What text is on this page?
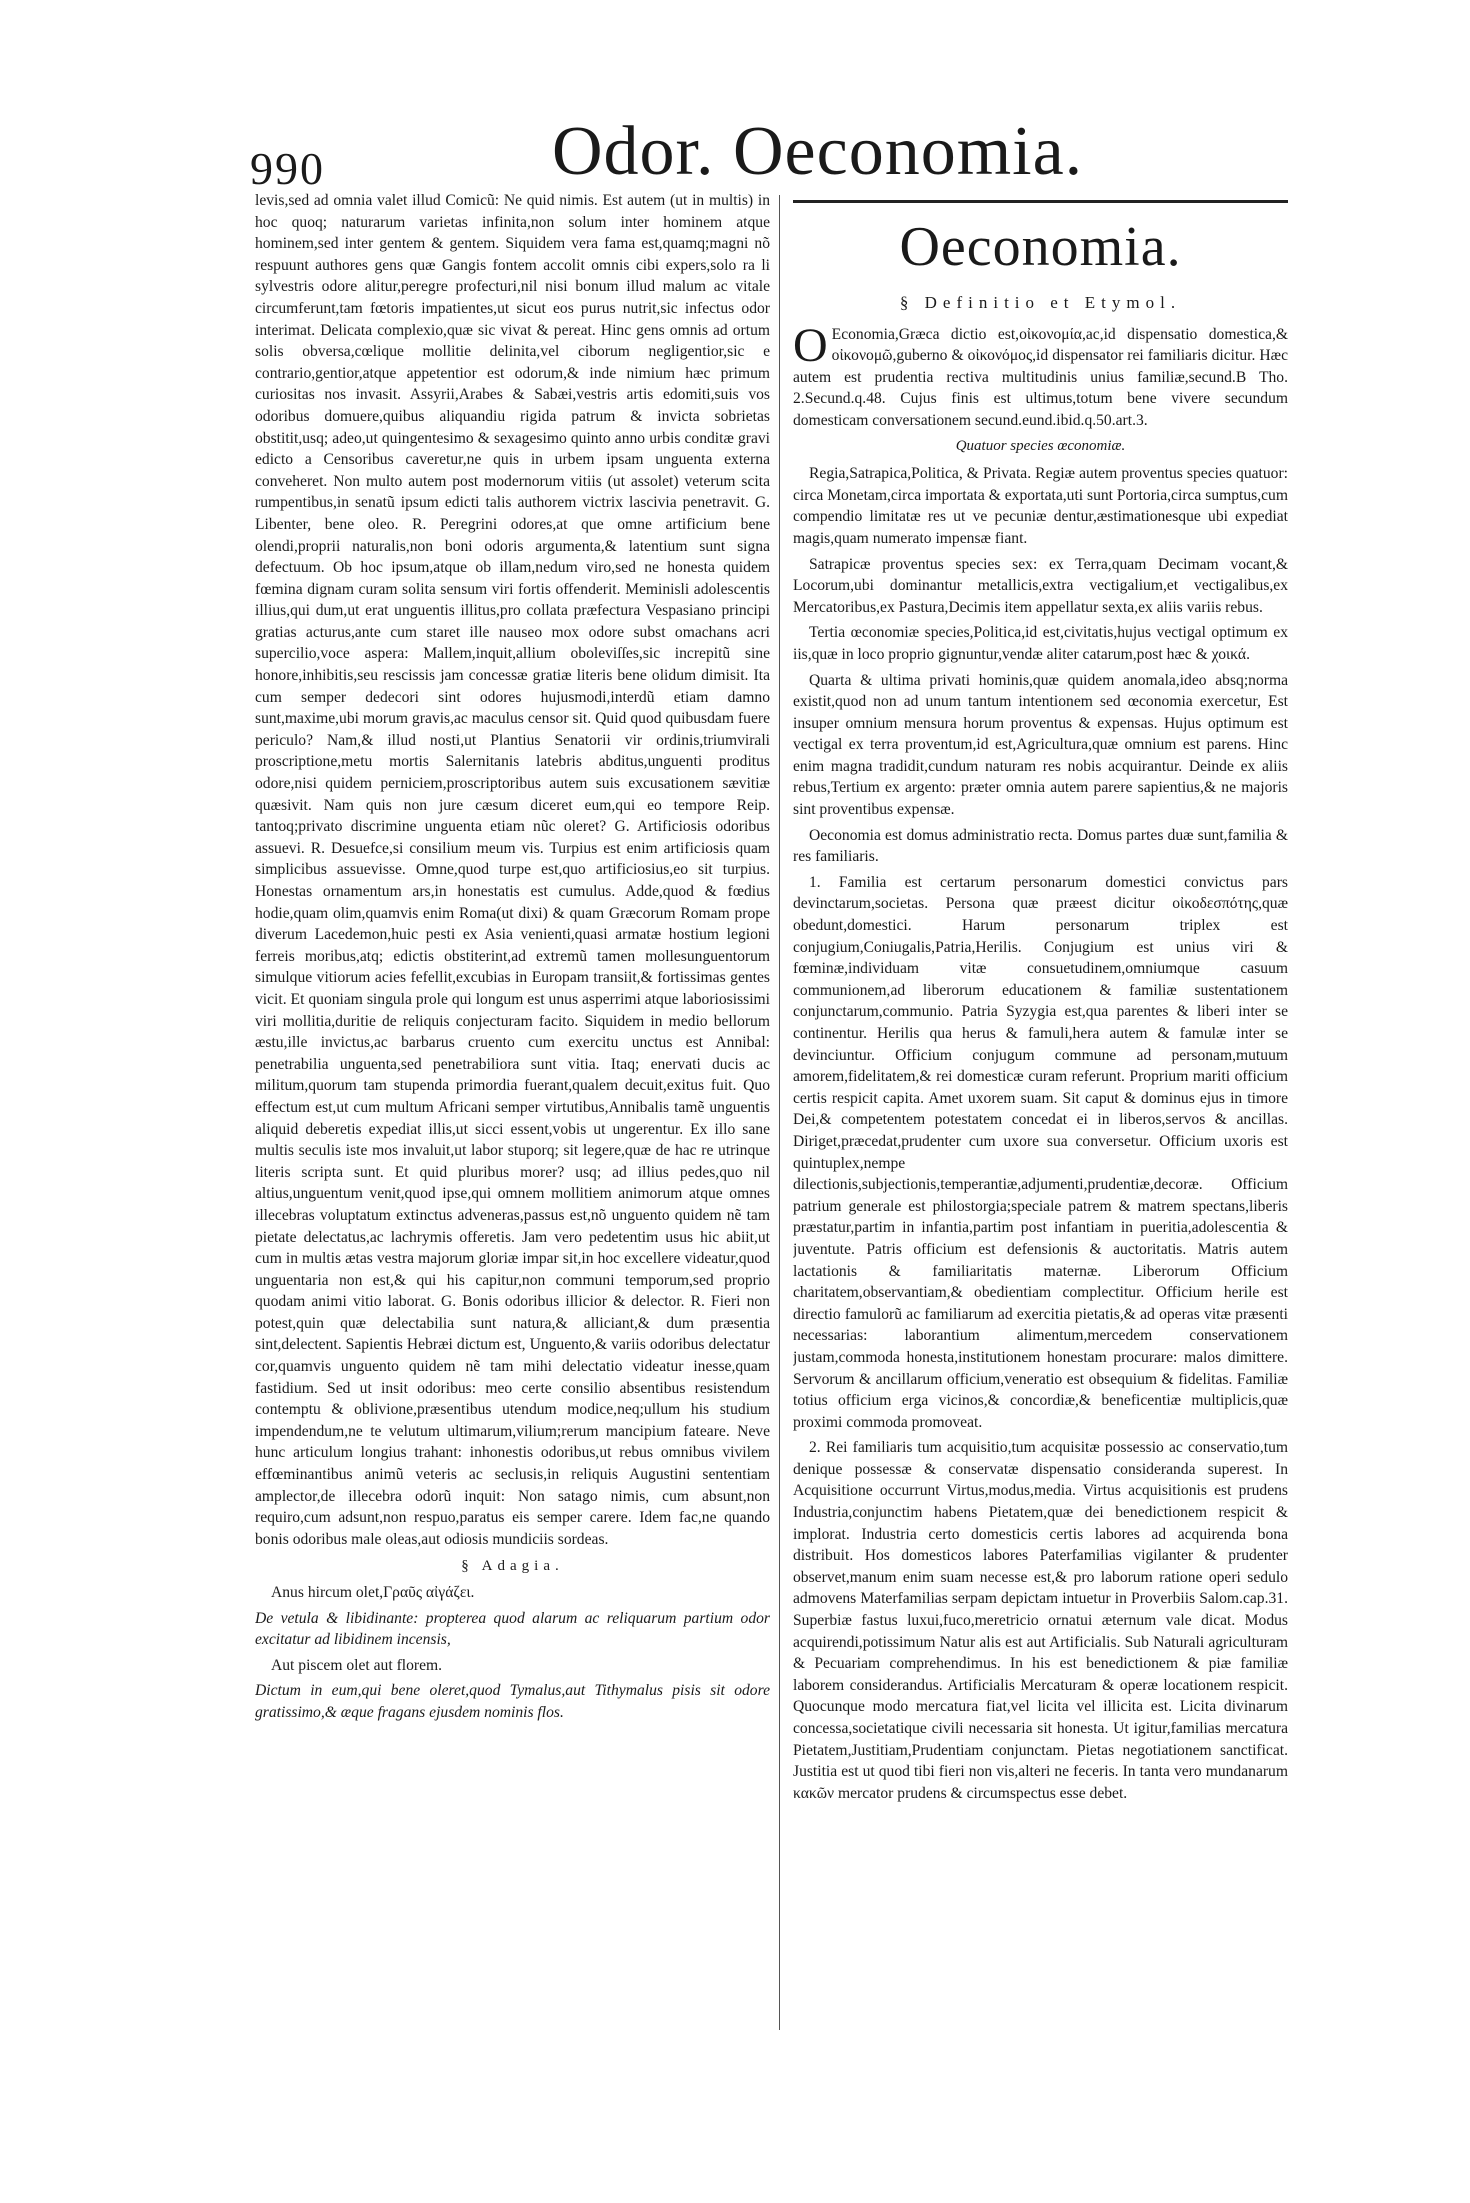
990	Odor. Oeconomia.

levis,sed ad omnia valet illud Comicũ: Ne quid nimis. Est autem (ut in multis) in hoc quoq; naturarum varietas infinita,non solum inter hominem atque hominem,sed inter gentem & gentem. Siquidem vera fama est,quamq;magni nõ respuunt authores gens quæ Gangis fontem accolit omnis cibi expers,solo ra li sylvestris odore alitur,peregre profecturi,nil nisi bonum illud malum ac vitale circumferunt,tam fœtoris impatientes,ut sicut eos purus nutrit,sic infectus odor interimat. Delicata complexio,quæ sic vivat & pereat. Hinc gens omnis ad ortum solis obversa,cœlique mollitie delinita,vel ciborum negligentior,sic e contrario,gentior,atque appetentior est odorum,& inde nimium hæc primum curiositas nos invasit. Assyrii,Arabes & Sabæi,vestris artis edomiti,suis vos odoribus domuere,quibus aliquandiu rigida patrum & invicta sobrietas obstitit,usq; adeo,ut quingentesimo & sexagesimo quinto anno urbis conditæ gravi edicto a Censoribus caveretur,ne quis in urbem ipsam unguenta externa conveheret. Non multo autem post modernorum vitiis (ut assolet) veterum scita rumpentibus,in senatũ ipsum edicti talis authorem victrix lascivia penetravit. G. Libenter, bene oleo. R. Peregrini odores,at que omne artificium bene olendi,proprii naturalis,non boni odoris argumenta,& latentium sunt signa defectuum. Ob hoc ipsum,atque ob illam,nedum viro,sed ne honesta quidem fœmina dignam curam solita sensum viri fortis offenderit. Meminisli adolescentis illius,qui dum,ut erat unguentis illitus,pro collata præfectura Vespasiano principi gratias acturus,ante cum staret ille nauseo mox odore subst omachans acri supercilio,voce aspera: Mallem,inquit,allium oboleviſſes,sic increpitũ sine honore,inhibitis,seu rescissis jam concessæ gratiæ literis bene olidum dimisit. Ita cum semper dedecori sint odores hujusmodi,interdũ etiam damno sunt,maxime,ubi morum gravis,ac maculus censor sit. Quid quod quibusdam fuere periculo? Nam,& illud nosti,ut Plantius Senatorii vir ordinis,triumvirali proscriptione,metu mortis Salernitanis latebris abditus,unguenti proditus odore,nisi quidem perniciem,proscriptoribus autem suis excusationem sævitiæ quæsivit. Nam quis non jure cæsum diceret eum,qui eo tempore Reip. tantoq;privato discrimine unguenta etiam nũc oleret? G. Artificiosis odoribus assuevi. R. Desuefce,si consilium meum vis. Turpius est enim artificiosis quam simplicibus assuevisse. Omne,quod turpe est,quo artificiosius,eo sit turpius. Honestas ornamentum ars,in honestatis est cumulus. Adde,quod & fœdius hodie,quam olim,quamvis enim Roma(ut dixi) & quam Græcorum Romam prope diverum Lacedemon,huic pesti ex Asia venienti,quasi armatæ hostium legioni ferreis moribus,atq; edictis obstiterint,ad extremũ tamen mollesunguentorum simulque vitiorum acies fefellit,excubias in Europam transiit,& fortissimas gentes vicit. Et quoniam singula prole qui longum est unus asperrimi atque laboriosissimi viri mollitia,duritie de reliquis conjecturam facito. Siquidem in medio bellorum æstu,ille invictus,ac barbarus cruento cum exercitu unctus est Annibal: penetrabilia unguenta,sed penetrabiliora sunt vitia. Itaq; enervati ducis ac militum,quorum tam stupenda primordia fuerant,qualem decuit,exitus fuit. Quo effectum est,ut cum multum Africani semper virtutibus,Annibalis tamẽ unguentis aliquid deberetis expediat illis,ut sicci essent,vobis ut ungerentur. Ex illo sane multis seculis iste mos invaluit,ut labor stuporq; sit legere,quæ de hac re utrinque literis scripta sunt. Et quid pluribus morer? usq; ad illius pedes,quo nil altius,unguentum venit,quod ipse,qui omnem mollitiem animorum atque omnes illecebras voluptatum extinctus adveneras,passus est,nõ unguento quidem nẽ tam pietate delectatus,ac lachrymis offeretis. Jam vero pedetentim usus hic abiit,ut cum in multis ætas vestra majorum gloriæ impar sit,in hoc excellere videatur,quod unguentaria non est,& qui his capitur,non communi temporum,sed proprio quodam animi vitio laborat. G. Bonis odoribus illicior & delector. R. Fieri non potest,quin quæ delectabilia sunt natura,& alliciant,& dum præsentia sint,delectent. Sapientis Hebræi dictum est, Unguento,& variis odoribus delectatur cor,quamvis unguento quidem nẽ tam mihi delectatio videatur inesse,quam fastidium. Sed ut insit odoribus: meo certe consilio absentibus resistendum contemptu & oblivione,præsentibus utendum modice,neq;ullum his studium impendendum,ne te velutum ultimarum,vilium;rerum mancipium fateare. Neve hunc articulum longius trahant: inhonestis odoribus,ut rebus omnibus vivilem effœminantibus animũ veteris ac seclusis,in reliquis Augustini sententiam amplector,de illecebra odorũ inquit: Non satago nimis, cum absunt,non requiro,cum adsunt,non respuo,paratus eis semper carere. Idem fac,ne quando bonis odoribus male oleas,aut odiosis mundiciis sordeas.

§ Adagia.

Anus hircum olet,Γραῦς αἰγάζει.

De vetula & libidinante: propterea quod alarum ac reliquarum partium odor excitatur ad libidinem incensis,

Aut piscem olet aut florem.

Dictum in eum,qui bene oleret,quod Tymalus,aut Tithymalus pisis sit odore gratissimo,& æque fragans ejusdem nominis flos.

Oeconomia.
§ Definitio et Etymol.

O Economia,Græca dictio est,οἰκονομία,ac,id dispensatio domestica,& οἰκονομῶ,guberno & οἰκονόμος,id dispensator rei familiaris dicitur. Hæc autem est prudentia rectiva multitudinis unius familiæ,secund.B Tho. 2.Secund.q.48. Cujus finis est ultimus,totum bene vivere secundum domesticam conversationem secund.eund.ibid.q.50.art.3.

Quatuor species œconomiæ.

Regia,Satrapica,Politica, & Privata. Regiæ autem proventus species quatuor: circa Monetam,circa importata & exportata,uti sunt Portoria,circa sumptus,cum compendio limitatæ res ut ve pecuniæ dentur,æstimationesque ubi expediat magis,quam numerato impensæ fiant.

Satrapicæ proventus species sex: ex Terra,quam Decimam vocant,& Locorum,ubi dominantur metallicis,extra vectigalium,et vectigalibus,ex Mercatoribus,ex Pastura,Decimis item appellatur sexta,ex aliis variis rebus.

Tertia œconomiæ species,Politica,id est,civitatis,hujus vectigal optimum ex iis,quæ in loco proprio gignuntur,vendæ aliter catarum,post hæc & χοικά.

Quarta & ultima privati hominis,quæ quidem anomala,ideo absq;norma existit,quod non ad unum tantum intentionem sed œconomia exercetur, Est insuper omnium mensura horum proventus & expensas. Hujus optimum est vectigal ex terra proventum,id est,Agricultura,quæ omnium est parens. Hinc enim magna tradidit,cundum naturam res nobis acquirantur. Deinde ex aliis rebus,Tertium ex argento: præter omnia autem parere sapientius,& ne majoris sint proventibus expensæ.

Oeconomia est domus administratio recta. Domus partes duæ sunt,familia & res familiaris.

1. Familia est certarum personarum domestici convictus pars devinctarum,societas. Persona quæ præest dicitur οἰκοδεσπότης,quæ obedunt,domestici. Harum personarum triplex est conjugium,Coniugalis,Patria,Herilis. Conjugium est unius viri & fœminæ,individuam vitæ consuetudinem,omniumque casuum communionem,ad liberorum educationem & familiæ sustentationem conjunctarum,communio. Patria Syzygia est,qua parentes & liberi inter se continentur. Herilis qua herus & famuli,hera autem & famulæ inter se devinciuntur. Officium conjugum commune ad personam,mutuum amorem,fidelitatem,& rei domesticæ curam referunt. Proprium mariti officium certis respicit capita. Amet uxorem suam. Sit caput & dominus ejus in timore Dei,& competentem potestatem concedat ei in liberos,servos & ancillas. Diriget,præcedat,prudenter cum uxore sua conversetur. Officium uxoris est quintuplex,nempe dilectionis,subjectionis,temperantiæ,adjumenti,prudentiæ,decoræ. Officium patrium generale est philostorgia;speciale patrem & matrem spectans,liberis præstatur,partim in infantia,partim post infantiam in pueritia,adolescentia & juventute. Patris officium est defensionis & auctoritatis. Matris autem lactationis & familiaritatis maternæ. Liberorum Officium charitatem,observantiam,& obedientiam complectitur. Officium herile est directio famulorũ ac familiarum ad exercitia pietatis,& ad operas vitæ præsenti necessarias: laborantium alimentum,mercedem conservationem justam,commoda honesta,institutionem honestam procurare: malos dimittere. Servorum & ancillarum officium,veneratio est obsequium & fidelitas. Familiæ totius officium erga vicinos,& concordiæ,& beneficentiæ multiplicis,quæ proximi commoda promoveat.

2. Rei familiaris tum acquisitio,tum acquisitæ possessio ac conservatio,tum denique possessæ & conservatæ dispensatio consideranda superest. In Acquisitione occurrunt Virtus,modus,media. Virtus acquisitionis est prudens Industria,conjunctim habens Pietatem,quæ dei benedictionem respicit & implorat. Industria certo domesticis certis labores ad acquirenda bona distribuit. Hos domesticos labores Paterfamilias vigilanter & prudenter observet,manum enim suam necesse est,& pro laborum ratione operi sedulo admovens Materfamilias serpam depictam intuetur in Proverbiis Salom.cap.31. Superbiæ fastus luxui,fuco,meretricio ornatui æternum vale dicat. Modus acquirendi,potissimum Natur alis est aut Artificialis. Sub Naturali agriculturam & Pecuariam comprehendimus. In his est benedictionem & piæ familiæ laborem considerandus. Artificialis Mercaturam & operæ locationem respicit. Quocunque modo mercatura fiat,vel licita vel illicita est. Licita divinarum concessa,societatique civili necessaria sit honesta. Ut igitur,familias mercatura Pietatem,Justitiam,Prudentiam conjunctam. Pietas negotiationem sanctificat. Justitia est ut quod tibi fieri non vis,alteri ne feceris. In tanta vero mundanarum κακῶν mercator prudens & circumspectus esse debet.
